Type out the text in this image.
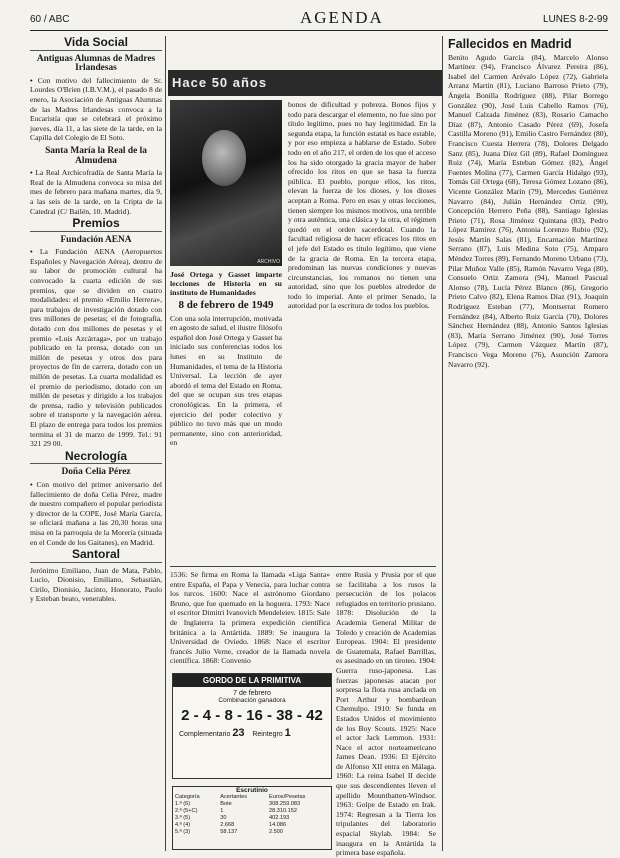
60 / ABC	AGENDA	LUNES 8-2-99
Vida Social
Antiguas Alumnas de Madres Irlandesas

• Con motivo del fallecimiento de Sr. Lourdes O'Brien (I.B.V.M.), el pasado 8 de enero, la Asociación de Antiguas Alumnas de las Madres Irlandesas convoca a la Eucaristía que se celebrará el próximo jueves, día 11, a las siete de la tarde, en la Capilla del Colegio de El Soto.

Santa María la Real de la Almudena

• La Real Archicofradía de Santa María la Real de la Almudena convoca su misa del mes de febrero para mañana martes, día 9, a las seis de la tarde, en la Cripta de la Catedral (C/ Bailén, 10. Madrid).

Premios
Fundación AENA

• La Fundación AENA (Aeropuertos Españoles y Navegación Aérea), dentro de su labor de promoción cultural ha convocado la cuarta edición de sus premios, que se dividen en cuatro modalidades: el premio «Emilio Herrera», para trabajos de investigación dotado con tres millones de pesetas; el de fotografía, dotado con dos millones de pesetas y el premio «Luis Azcárraga», por un trabajo publicado en la prensa, dotado con un millón de pesetas y otros dos para proyectos de fin de carrera, dotado con un millón de pesetas. La cuarta modalidad es el premio de periodismo, dotado con un millón de pesetas y dirigido a los trabajos de prensa, radio y televisión publicados sobre el transporte y la navegación aérea. El plazo de entrega para todos los premios termina el 31 de marzo de 1999. Tel.: 91 321 29 00.

Necrología
Doña Celia Pérez

• Con motivo del primer aniversario del fallecimiento de doña Celia Pérez, madre de nuestro compañero el popular periodista y director de la COPE, José María García, se oficiará mañana a las 20,30 horas una misa en la parroquia de la Morería (situada en el Conde de los Gaitanes), en Madrid.

Santoral

Jerónimo Emiliano, Juan de Mata, Pablo, Lucio, Dionisio, Emiliano, Sebastián, Cirilo, Dionisio, Jacinto, Honorato, Paulo y Esteban beato, venerables.

Hace 50 años
ARCHIVO

José Ortega y Gasset imparte lecciones de Historia en su instituto de Humanidades

8 de febrero de 1949

Con una sola interrupción, motivada en agosto de salud, el ilustre filósofo español don José Ortega y Gasset ha iniciado sus conferencias todos los lunes en su Instituto de Humanidades, el tema de la Historia Universal. La lección de ayer abordó el tema del Estado en Roma, del que se ocupan sus tres etapas cronológicas. En la primera, el ejercicio del poder colectivo y público no tuvo más que un modo permanente, sino con anterioridad, en

bonos de dificultad y pobreza. Bonos fijos y todo para descargar el elemento, no fue sino por título legítimo, pues no hay legitimidad. En la segunda etapa, la función estatal es hace estable, y por eso empieza a hablarse de Estado. Sobre todo en el año 217, el orden de los que el acceso los ha sido otorgado la gracia mayor de haber ofrecido los ritos en que se basa la fuerza pública. El pueblo, porque ellos, los ritos, elevan la fuerza de los dioses, y los dioses aceptan a Roma. Pero en esas y otras lecciones, tienen siempre los mismos motivos, una terrible y otra auténtica, una clásica y la otra, el régimen quedó en el orden sacerdotal. Cuando la facultad religiosa de hacer eficaces los ritos en el jefe del Estado es título legítimo, que viene de la gracia de Roma. En la tercera etapa, predominan las nuevas condiciones y nuevas circunstancias, los romanos no tienen una autoridad, sino que los pueblos alrededor de todo lo imperial. Ante el primer Senado, la autoridad por la escritura de todos los pueblos.

1536: Se firma en Roma la llamada «Liga Santa» entre España, el Papa y Venecia, para luchar contra los turcos. 1600: Nace el astrónomo Giordano Bruno, que fue quemado en la hoguera. 1793: Nace el escritor Dimitri Ivanovich Mendeleiev. 1815: Sale de Inglaterra la primera expedición científica británica a la Antártida. 1889: Se inaugura la Universidad de Oviedo. 1868: Nace el escritor francés Julio Verne, creador de la llamada novela científica. 1868: Convenio

entre Rusia y Prusia por el que se facilitaba a los rusos la persecución de los polacos refugiados en territorio prusiano. 1878: Disolución de la Academia General Militar de Toledo y creación de Academias Europeas. 1904: El presidente de Guatemala, Rafael Barrillas, es asesinado en un tiroteo. 1904: Guerra ruso-japonesa. Las fuerzas japonesas atacan por sorpresa la flota rusa anclada en Port Arthur y bombardean Chemulpo. 1910: Se funda en Estados Unidos el movimiento de los Boy Scouts. 1925: Nace el actor Jack Lemmon. 1931: Nace el actor norteamericano James Dean. 1936: El Ejército de Alfonso XII entra en Málaga. 1960: La reina Isabel II decide que sus descendientes lleven el apellido Mountbatten-Windsor. 1963: Golpe de Estado en Irak. 1974: Regresan a la Tierra los tripulantes del laboratorio espacial Skylab. 1984: Se inaugura en la Antártida la primera base española.

GORDO DE LA PRIMITIVA
7 de febrero
Combinación ganadora
2 - 4 - 8 - 16 - 38 - 42
Complementario 23 Reintegro 1
Escrutinio
Categoría	Acertantes	Euros/Pesetas
1.ª (6)	Bote	308.259.083
2.ª (5+C)	1	28.310.152
3.ª (5)	30	402.193
4.ª (4)	2.668	14.086
5.ª (3)	58.137	2.500
Fallecidos en Madrid

Benito Agudo García (84), Marcelo Alonso Martínez (94), Francisco Álvarez Pereira (86), Isabel del Carmen Arévalo López (72), Gabriela Arranz Martín (81), Luciano Barroso Prieto (79), Ángela Bonilla Rodríguez (88), Pilar Borrego González (90), José Luis Cabello Ramos (76), Manuel Calzada Jiménez (83), Rosario Camacho Díaz (87), Antonio Casado Pérez (69), Josefa Castilla Moreno (91), Emilio Castro Fernández (80), Francisco Cuesta Herrera (78), Dolores Delgado Sanz (85), Juana Díez Gil (89), Rafael Domínguez Ruiz (74), María Esteban Gómez (82), Ángel Fuentes Molina (77), Carmen García Hidalgo (93), Tomás Gil Ortega (68), Teresa Gómez Lozano (86), Vicente González Marín (79), Mercedes Gutiérrez Navarro (84), Julián Hernández Ortiz (90), Concepción Herrero Peña (88), Santiago Iglesias Prieto (71), Rosa Jiménez Quintana (83), Pedro López Ramírez (76), Antonia Lorenzo Rubio (92), Jesús Martín Salas (81), Encarnación Martínez Serrano (87), Luis Medina Soto (75), Amparo Méndez Torres (89), Fernando Moreno Urbano (73), Pilar Muñoz Valle (85), Ramón Navarro Vega (80), Consuelo Ortiz Zamora (94), Manuel Pascual Alonso (78), Lucía Pérez Blanco (86), Gregorio Prieto Calvo (82), Elena Ramos Díaz (91), Joaquín Rodríguez Esteban (77), Montserrat Romero Fernández (84), Alberto Ruiz García (70), Dolores Sánchez Hernández (88), Antonio Santos Iglesias (83), María Serrano Jiménez (90), José Torres López (79), Carmen Vázquez Martín (87), Francisco Vega Moreno (76), Asunción Zamora Navarro (92).
